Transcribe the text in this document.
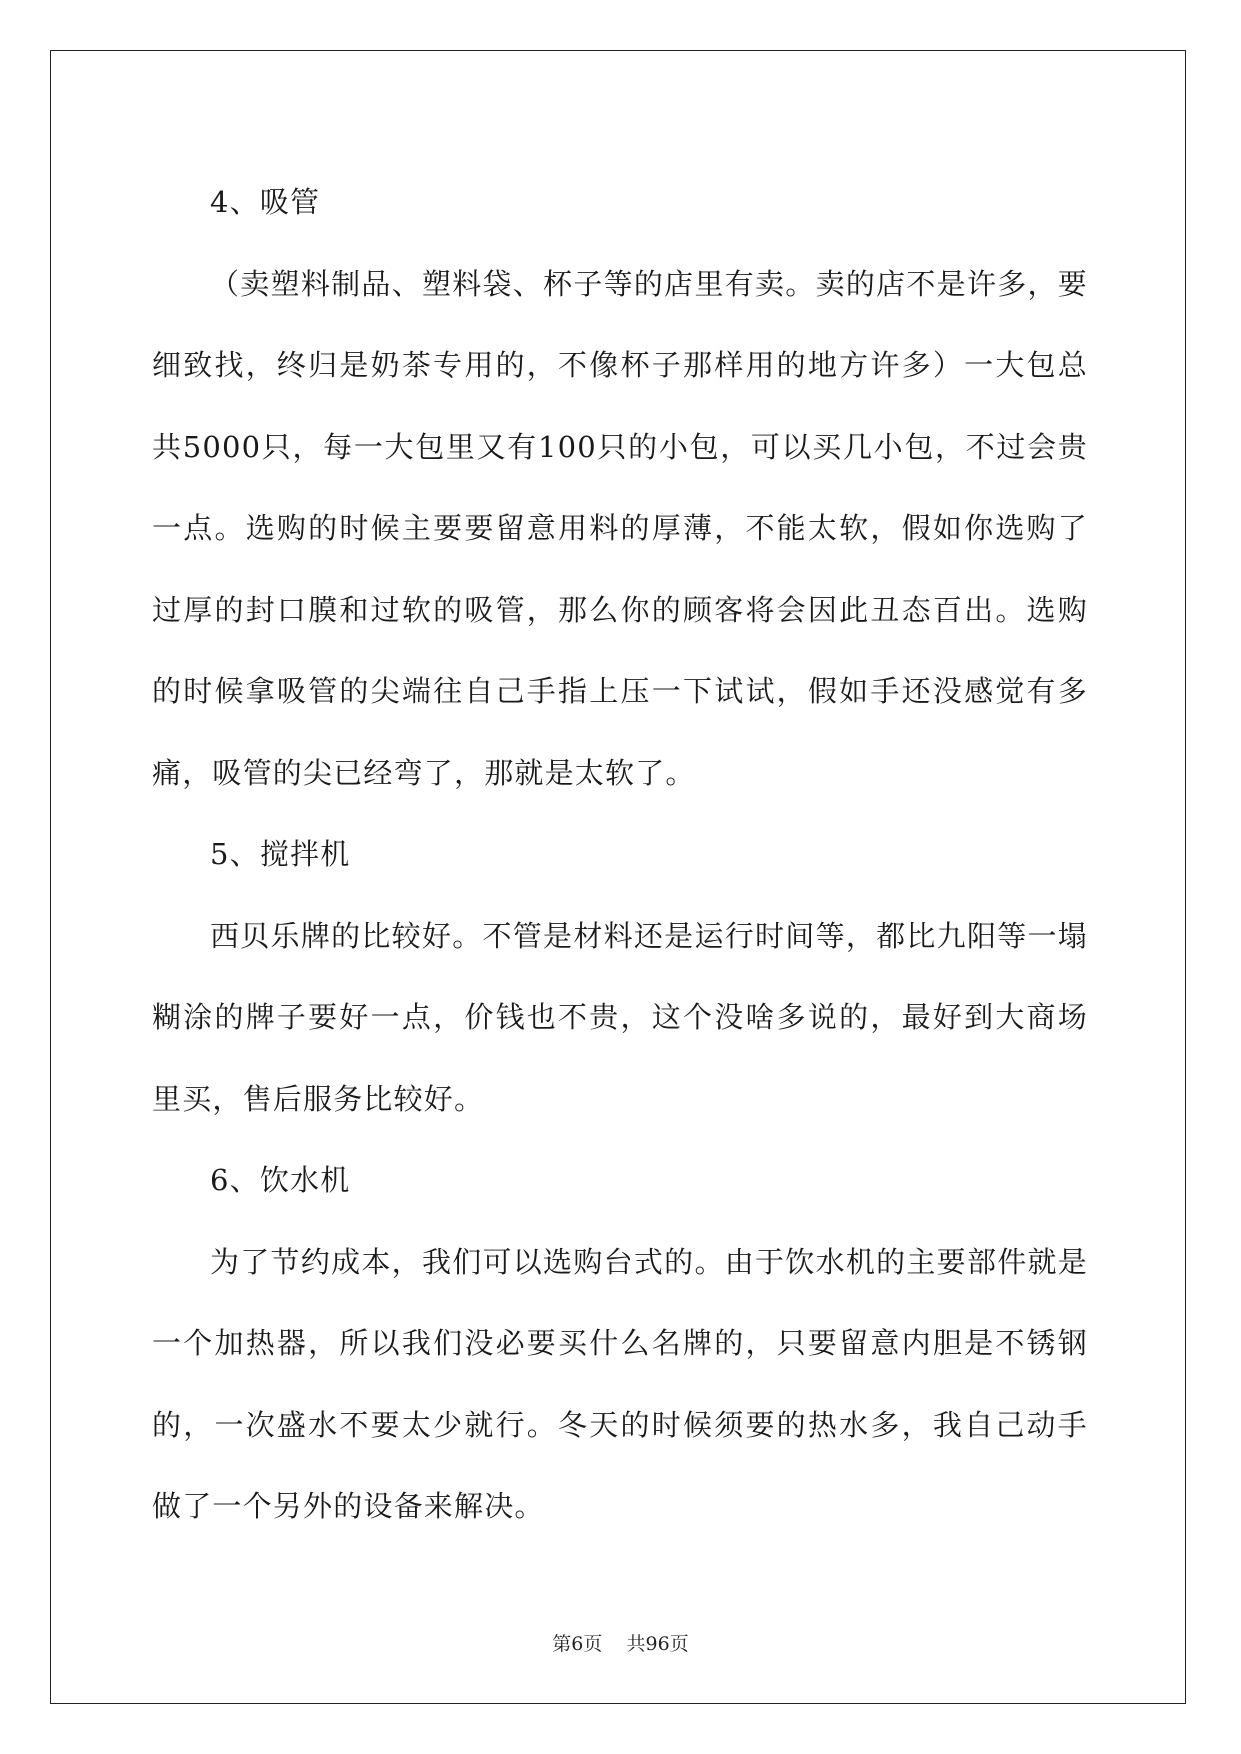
4、吸管

（卖塑料制品、塑料袋、杯子等的店里有卖。卖的店不是许多，要细致找，终归是奶茶专用的，不像杯子那样用的地方许多）一大包总共5000只，每一大包里又有100只的小包，可以买几小包，不过会贵一点。选购的时候主要要留意用料的厚薄，不能太软，假如你选购了过厚的封口膜和过软的吸管，那么你的顾客将会因此丑态百出。选购的时候拿吸管的尖端往自己手指上压一下试试，假如手还没感觉有多痛，吸管的尖已经弯了，那就是太软了。

5、搅拌机

西贝乐牌的比较好。不管是材料还是运行时间等，都比九阳等一塌糊涂的牌子要好一点，价钱也不贵，这个没啥多说的，最好到大商场里买，售后服务比较好。

6、饮水机

为了节约成本，我们可以选购台式的。由于饮水机的主要部件就是一个加热器，所以我们没必要买什么名牌的，只要留意内胆是不锈钢的，一次盛水不要太少就行。冬天的时候须要的热水多，我自己动手做了一个另外的设备来解决。

第6页 共96页
